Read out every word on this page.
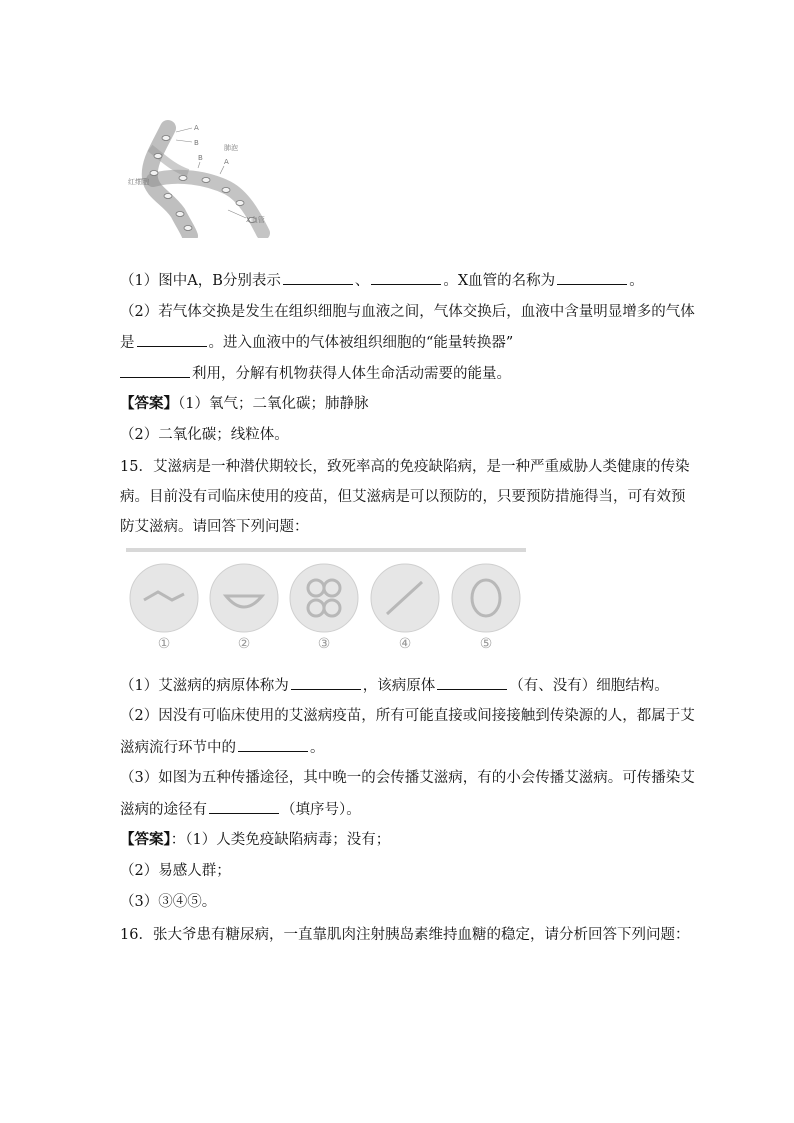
A
B
肺泡
红细胞
B	A
X血管
（1）图中A，B分别表示	、	。X血管的名称为	。
（2）若气体交换是发生在组织细胞与血液之间，气体交换后，血液中含量明显增多的气体
是	。进入血液中的气体被组织细胞的“能量转换器”
利用，分解有机物获得人体生命活动需要的能量。
【答案】（1）氧气；二氧化碳；肺静脉
（2）二氧化碳；线粒体。
15．艾滋病是一种潜伏期较长，致死率高的免疫缺陷病，是一种严重威胁人类健康的传染
病。目前没有司临床使用的疫苗，但艾滋病是可以预防的，只要预防措施得当，可有效预
防艾滋病。请回答下列问题：
①	②	③	④	⑤
（1）艾滋病的病原体称为	，该病原体	（有、没有）细胞结构。
（2）因没有可临床使用的艾滋病疫苗，所有可能直接或间接接触到传染源的人，都属于艾
滋病流行环节中的	。
（3）如图为五种传播途径，其中晚一的会传播艾滋病，有的小会传播艾滋病。可传播染艾
滋病的途径有	（填序号）。
【答案】：（1）人类免疫缺陷病毒；没有；
（2）易感人群；
（3）③④⑤。
16．张大爷患有糖尿病，一直靠肌肉注射胰岛素维持血糖的稳定，请分析回答下列问题：
